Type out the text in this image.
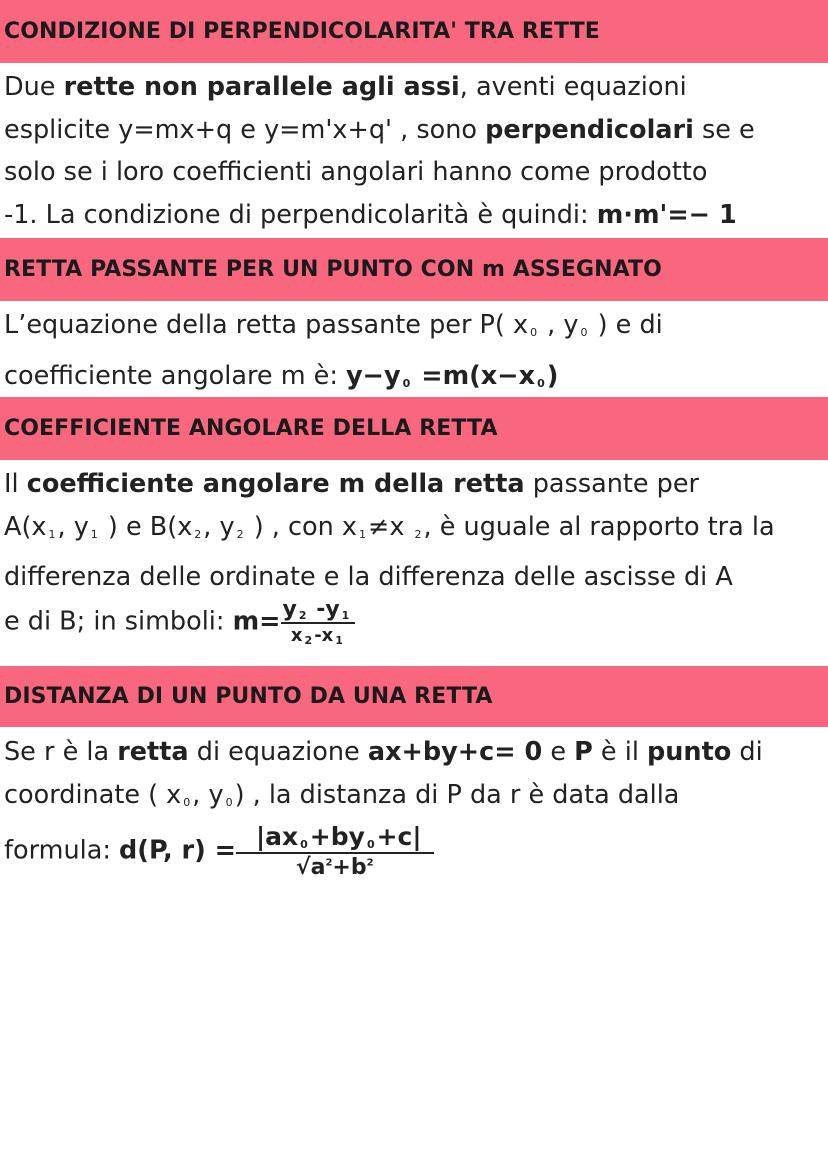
CONDIZIONE DI PERPENDICOLARITA' TRA RETTE
Due rette non parallele agli assi, aventi equazioni
esplicite y=mx+q e y=m'x+q' , sono perpendicolari se e
solo se i loro coefficienti angolari hanno come prodotto
-1. La condizione di perpendicolarità è quindi: m·m'=− 1
RETTA PASSANTE PER UN PUNTO CON m ASSEGNATO
L’equazione della retta passante per P( x $_0$ , y $_0$ ) e di
coefficiente angolare m è: y−y $_0$ =m(x−x $_0$)
COEFFICIENTE ANGOLARE DELLA RETTA
Il coefficiente angolare m della retta passante per
A(x $_1$, y $_1$ ) e B(x $_2$, y $_2$ ) , con x $_1$≠x $_2$, è uguale al rapporto tra la
differenza delle ordinate e la differenza delle ascisse di A
e di B; in simboli: m= y $_2$ -y $_1$
x $_2$ -x $_1$
DISTANZA DI UN PUNTO DA UNA RETTA
Se r è la retta di equazione ax+by+c= 0 e P è il punto di
coordinate ( x $_0$, y $_0$) , la distanza di P da r è data dalla
formula: d(P, $r) = \frac{|ax _0+by _0+c|}{√a^2+b^2}$
